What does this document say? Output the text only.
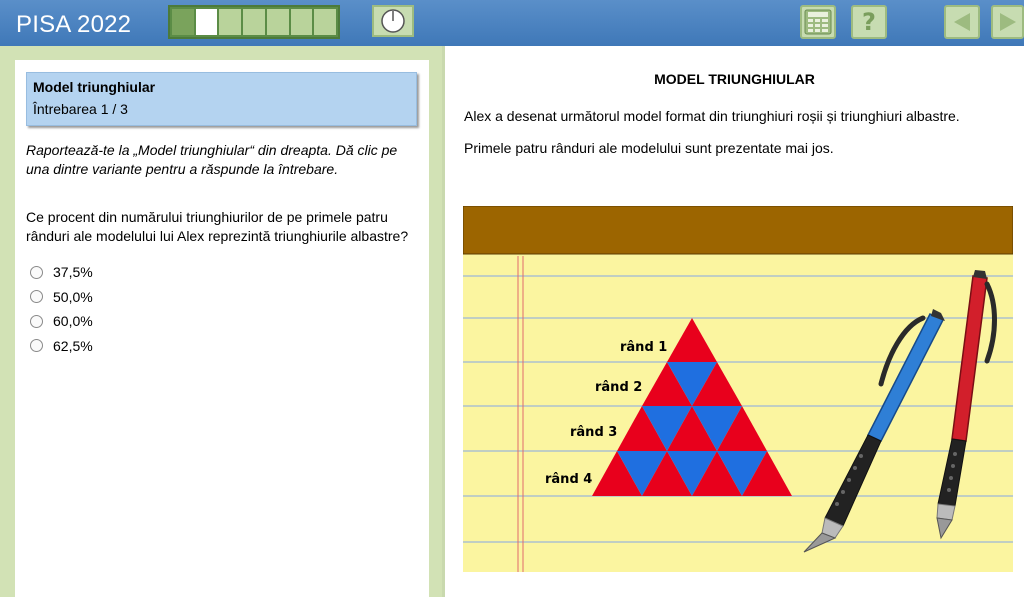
PISA 2022	?
Model triunghiular
Întrebarea 1 / 3
Raportează-te la „Model triunghiular“ din dreapta. Dă clic pe una dintre variante pentru a răspunde la întrebare.
Ce procent din numărului triunghiurilor de pe primele patru rânduri ale modelului lui Alex reprezintă triunghiurile albastre?
37,5%
50,0%
60,0%
62,5%
MODEL TRIUNGHIULAR
Alex a desenat următorul model format din triunghiuri roșii și triunghiuri albastre.
Primele patru rânduri ale modelului sunt prezentate mai jos.
rând 1
rând 2
rând 3
rând 4
